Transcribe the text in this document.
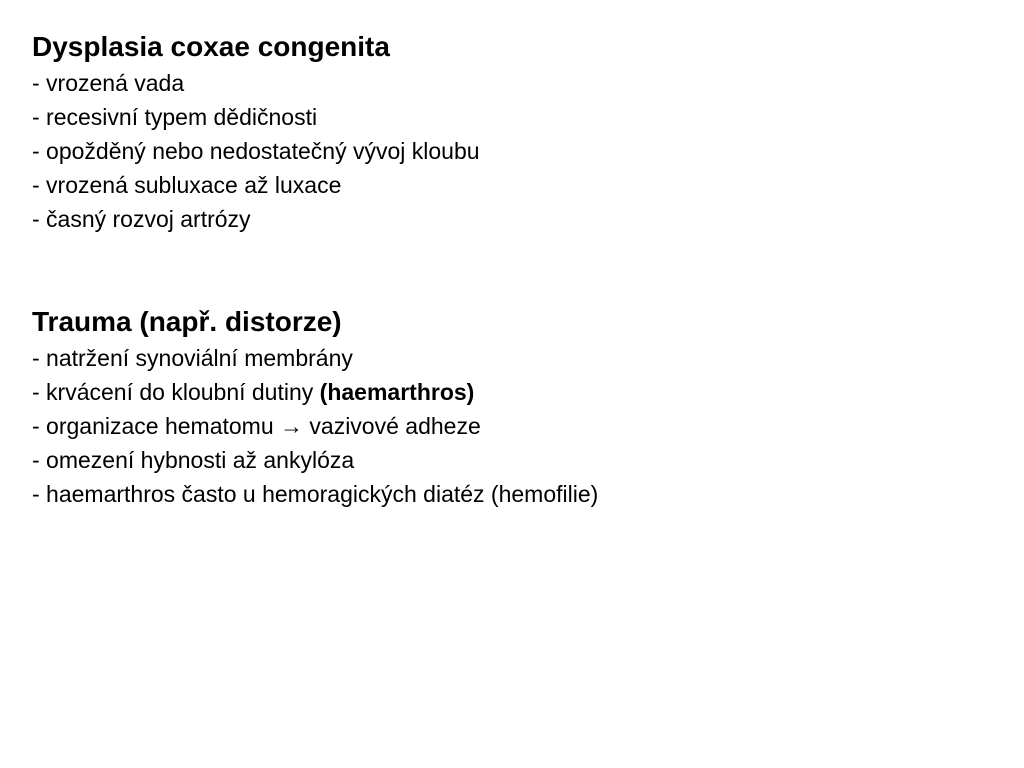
Dysplasia coxae congenita

- vrozená vada

- recesivní typem dědičnosti

- opožděný nebo nedostatečný vývoj kloubu

- vrozená subluxace až luxace

- časný rozvoj artrózy

Trauma (např. distorze)

- natržení synoviální membrány

- krvácení do kloubní dutiny (haemarthros)

- organizace hematomu → vazivové adheze

- omezení hybnosti až ankylóza

- haemarthros často u hemoragických diatéz (hemofilie)
